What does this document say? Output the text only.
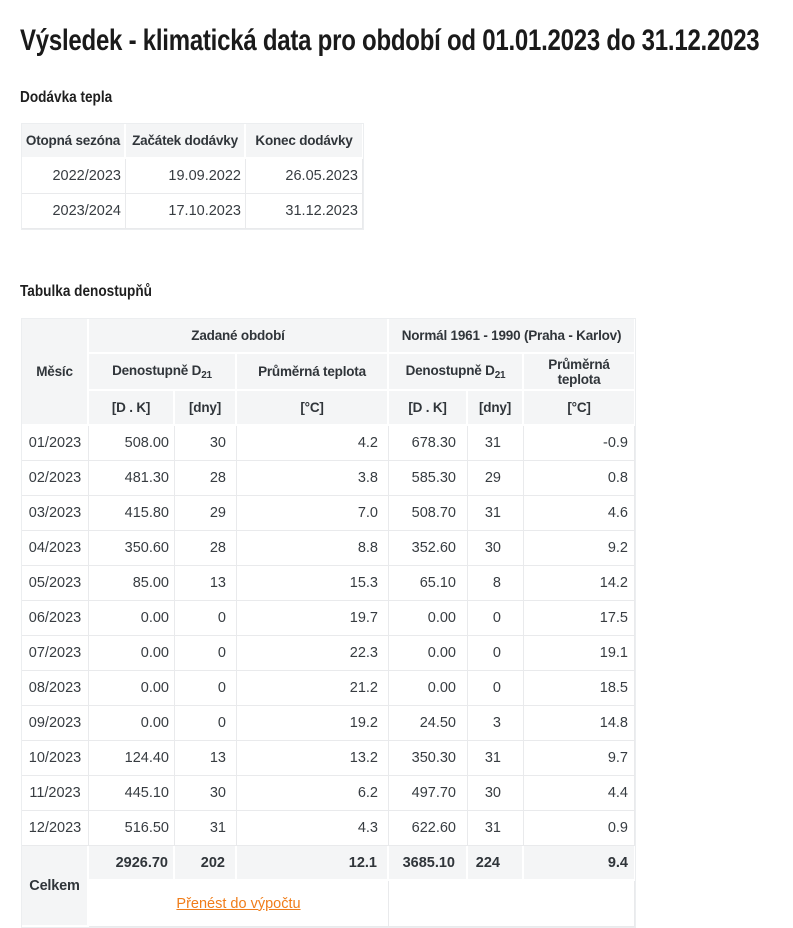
Výsledek - klimatická data pro období od 01.01.2023 do 31.12.2023
Dodávka tepla
Otopná sezóna	Začátek dodávky	Konec dodávky
2022/2023	19.09.2022	26.05.2023
2023/2024	17.10.2023	31.12.2023
Tabulka denostupňů
Měsíc	Zadané období			Normál 1961 - 1990 (Praha - Karlov)		
	Denostupně $D_{21}$		Průměrná teplota	Denostupně $D_{21}$		Průměrná teplota
	[D . K]	[dny]	[°C]	[D . K]	[dny]	[°C]
01/2023	508.00	30	4.2	678.30	31	-0.9
02/2023	481.30	28	3.8	585.30	29	0.8
03/2023	415.80	29	7.0	508.70	31	4.6
04/2023	350.60	28	8.8	352.60	30	9.2
05/2023	85.00	13	15.3	65.10	8	14.2
06/2023	0.00	0	19.7	0.00	0	17.5
07/2023	0.00	0	22.3	0.00	0	19.1
08/2023	0.00	0	21.2	0.00	0	18.5
09/2023	0.00	0	19.2	24.50	3	14.8
10/2023	124.40	13	13.2	350.30	31	9.7
11/2023	445.10	30	6.2	497.70	30	4.4
12/2023	516.50	31	4.3	622.60	31	0.9
Celkem	2926.70	202	12.1	3685.10	224	9.4
	Přenést do výpočtu					
